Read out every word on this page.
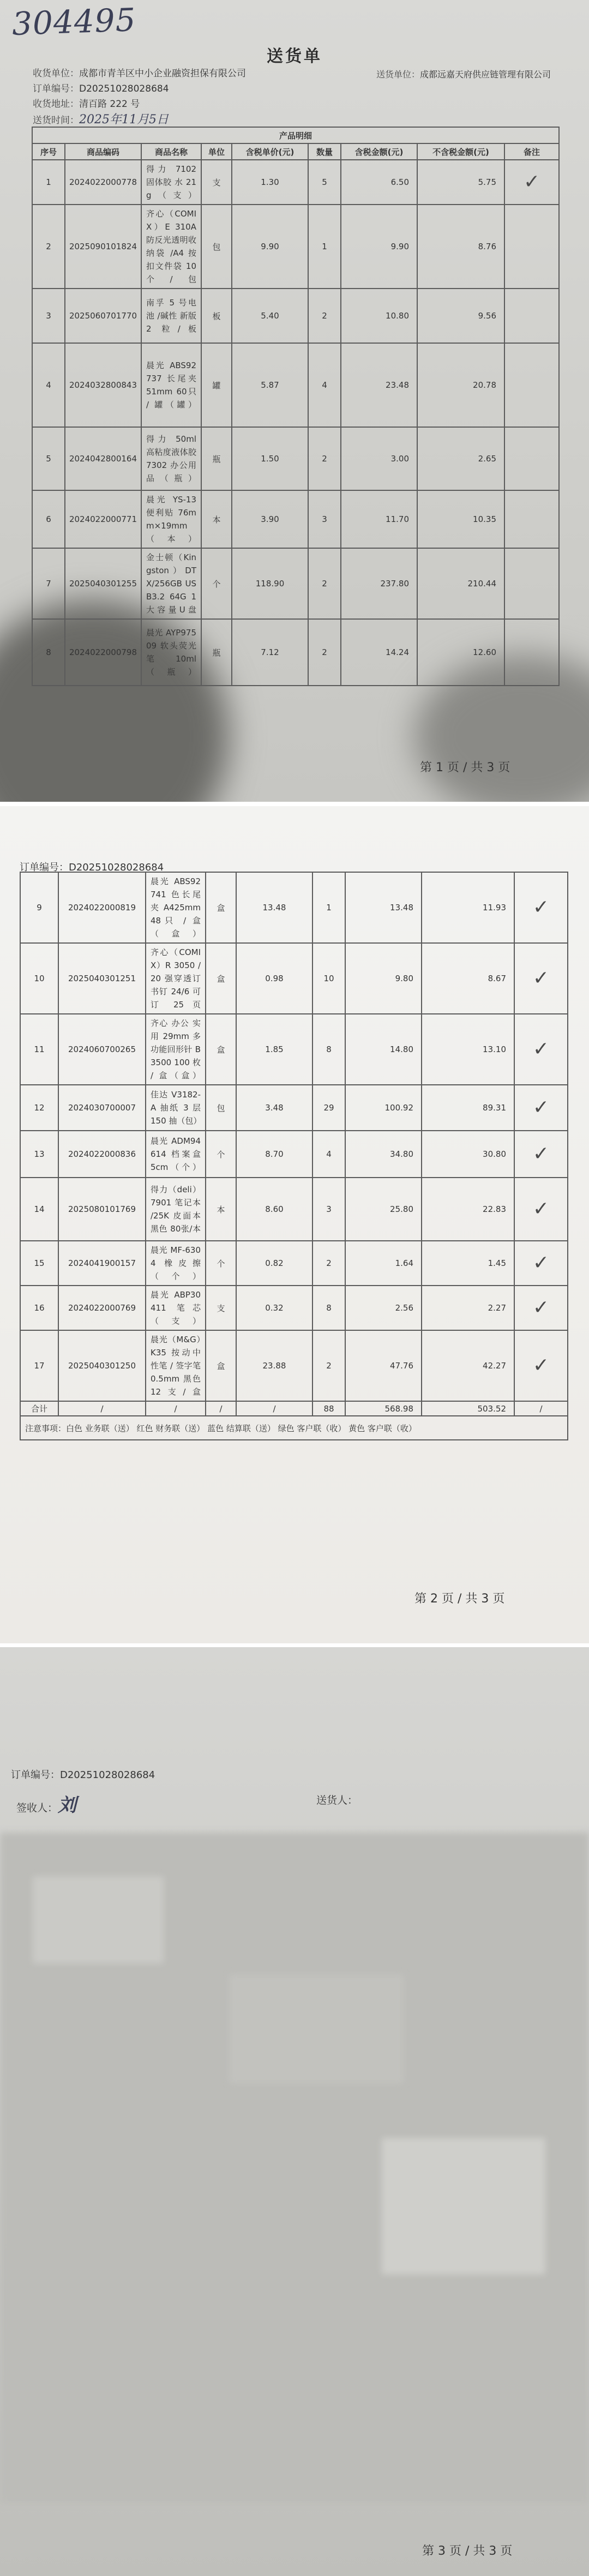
304495
送货单
收货单位：成都市青羊区中小企业融资担保有限公司	送货单位：成都远嘉天府供应链管理有限公司
订单编号：D20251028028684
收货地址：清百路 222 号
送货时间：2025年11月5日
产品明细								
序号	商品编码	商品名称	单位	含税单价(元)	数量	含税金额(元)	不含税金额(元)	备注
1	2024022000778	得力 7102 固体胶 水 21g（支）	支	1.30	5	6.50	5.75	✓
2	2025090101824	齐心（COMIX）E 310A 防反光透明收纳袋 /A4 按扣文件袋 10个/包	包	9.90	1	9.90	8.76	
3	2025060701770	南孚 5 号电池 /碱性 新版 2 粒/板	板	5.40	2	10.80	9.56	
4	2024032800843	晨光 ABS92737 长尾夹 51mm 60只 / 罐（罐）	罐	5.87	4	23.48	20.78	
5	2024042800164	得力 50ml 高粘度液体胶 7302 办公用品（瓶）	瓶	1.50	2	3.00	2.65	
6	2024022000771	晨光 YS-13 便利贴 76mm×19mm（本）	本	3.90	3	11.70	10.35	
7	2025040301255	金士顿（Kingston）DTX/256GB USB3.2 64G 1 大容量U盘	个	118.90	2	237.80	210.44	
8	2024022000798	晨光 AYP97509 软头荧光笔 10ml（瓶）	瓶	7.12	2	14.24	12.60	
第 1 页 / 共 3 页
订单编号：D20251028028684
9	2024022000819	晨光 ABS92741 色长尾夹 A425mm 48只 / 盒（盒）	盒	13.48	1	13.48	11.93	✓
10	2025040301251	齐心（COMIX）R 3050 / 20 强穿透订书钉 24/6 可订 25 页	盒	0.98	10	9.80	8.67	✓
11	2024060700265	齐心 办公 实用 29mm 多功能回形针 B3500 100 枚 / 盒（盒）	盒	1.85	8	14.80	13.10	✓
12	2024030700007	佳达 V3182-A 抽纸 3 层 150 抽（包）	包	3.48	29	100.92	89.31	✓
13	2024022000836	晨光 ADM94614 档案盒 5cm（个）	个	8.70	4	34.80	30.80	✓
14	2025080101769	得力（deli）7901 笔记本 /25K 皮面本 黑色 80张/本	本	8.60	3	25.80	22.83	✓
15	2024041900157	晨光 MF-6304 橡皮擦（个）	个	0.82	2	1.64	1.45	✓
16	2024022000769	晨光 ABP30411 笔芯（支）	支	0.32	8	2.56	2.27	✓
17	2025040301250	晨光（M&G）K35 按动中性笔 / 签字笔 0.5mm 黑色 12支/盒	盒	23.88	2	47.76	42.27	✓
合计	/	/	/	/	88	568.98	503.52	/
注意事项：白色 业务联（送） 红色 财务联（送） 蓝色 结算联（送） 绿色 客户联（收） 黄色 客户联（收）								
第 2 页 / 共 3 页
订单编号：D20251028028684
签收人：刘	送货人：
第 3 页 / 共 3 页
